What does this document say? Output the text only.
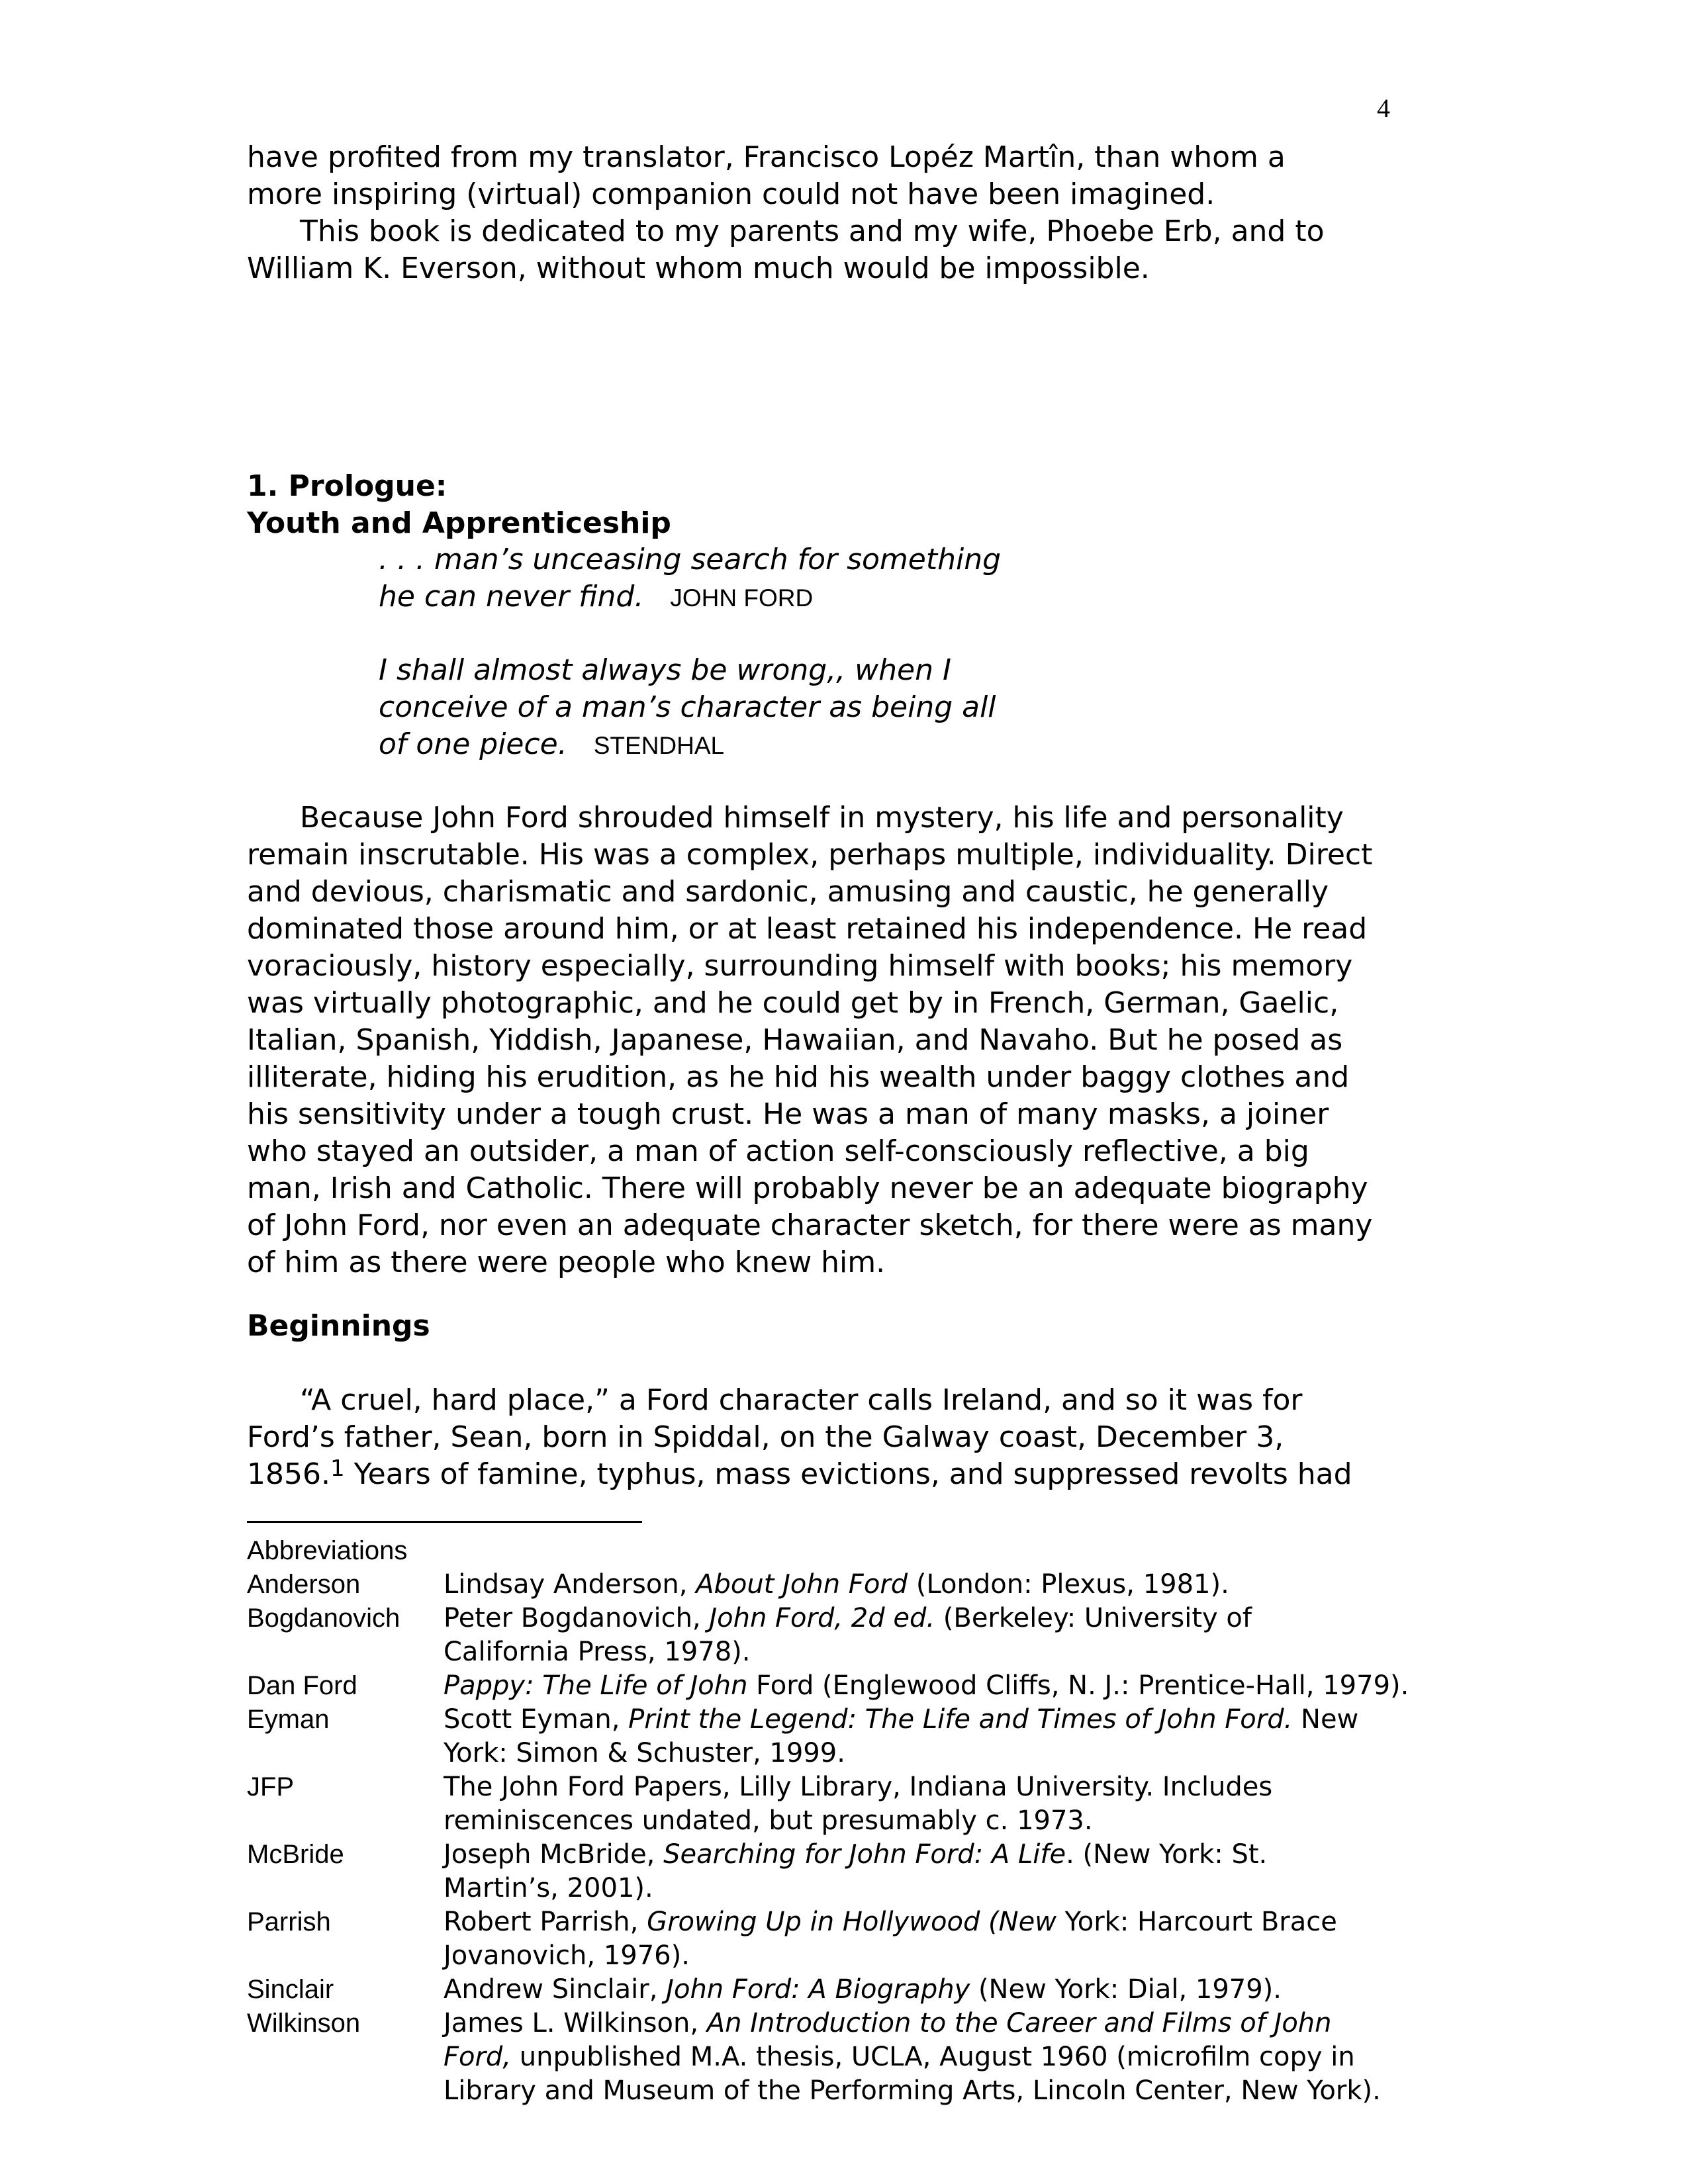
4
have profited from my translator, Francisco Lopéz Martîn, than whom a
more inspiring (virtual) companion could not have been imagined.
This book is dedicated to my parents and my wife, Phoebe Erb, and to
William K. Everson, without whom much would be impossible.
1. Prologue:
Youth and Apprenticeship
. . . man’s unceasing search for something
he can never find. JOHN FORD
I shall almost always be wrong,, when I
conceive of a man’s character as being all
of one piece. STENDHAL
Because John Ford shrouded himself in mystery, his life and personality
remain inscrutable. His was a complex, perhaps multiple, individuality. Direct
and devious, charismatic and sardonic, amusing and caustic, he generally
dominated those around him, or at least retained his independence. He read
voraciously, history especially, surrounding himself with books; his memory
was virtually photographic, and he could get by in French, German, Gaelic,
Italian, Spanish, Yiddish, Japanese, Hawaiian, and Navaho. But he posed as
illiterate, hiding his erudition, as he hid his wealth under baggy clothes and
his sensitivity under a tough crust. He was a man of many masks, a joiner
who stayed an outsider, a man of action self-consciously reflective, a big
man, Irish and Catholic. There will probably never be an adequate biography
of John Ford, nor even an adequate character sketch, for there were as many
of him as there were people who knew him.
Beginnings
“A cruel, hard place,” a Ford character calls Ireland, and so it was for
Ford’s father, Sean, born in Spiddal, on the Galway coast, December 3,
1856.$^1$ Years of famine, typhus, mass evictions, and suppressed revolts had
Abbreviations
Anderson	Lindsay Anderson, About John Ford (London: Plexus, 1981).
Bogdanovich	Peter Bogdanovich, John Ford, 2d ed. (Berkeley: University of
California Press, 1978).
Dan Ford	Pappy: The Life of John Ford (Englewood Cliffs, N. J.: Prentice-Hall, 1979).
Eyman	Scott Eyman, Print the Legend: The Life and Times of John Ford. New
York: Simon & Schuster, 1999.
JFP	The John Ford Papers, Lilly Library, Indiana University. Includes
reminiscences undated, but presumably c. 1973.
McBride	Joseph McBride, Searching for John Ford: A Life. (New York: St.
Martin’s, 2001).
Parrish	Robert Parrish, Growing Up in Hollywood (New York: Harcourt Brace
Jovanovich, 1976).
Sinclair	Andrew Sinclair, John Ford: A Biography (New York: Dial, 1979).
Wilkinson	James L. Wilkinson, An Introduction to the Career and Films of John
Ford, unpublished M.A. thesis, UCLA, August 1960 (microfilm copy in
Library and Museum of the Performing Arts, Lincoln Center, New York).
